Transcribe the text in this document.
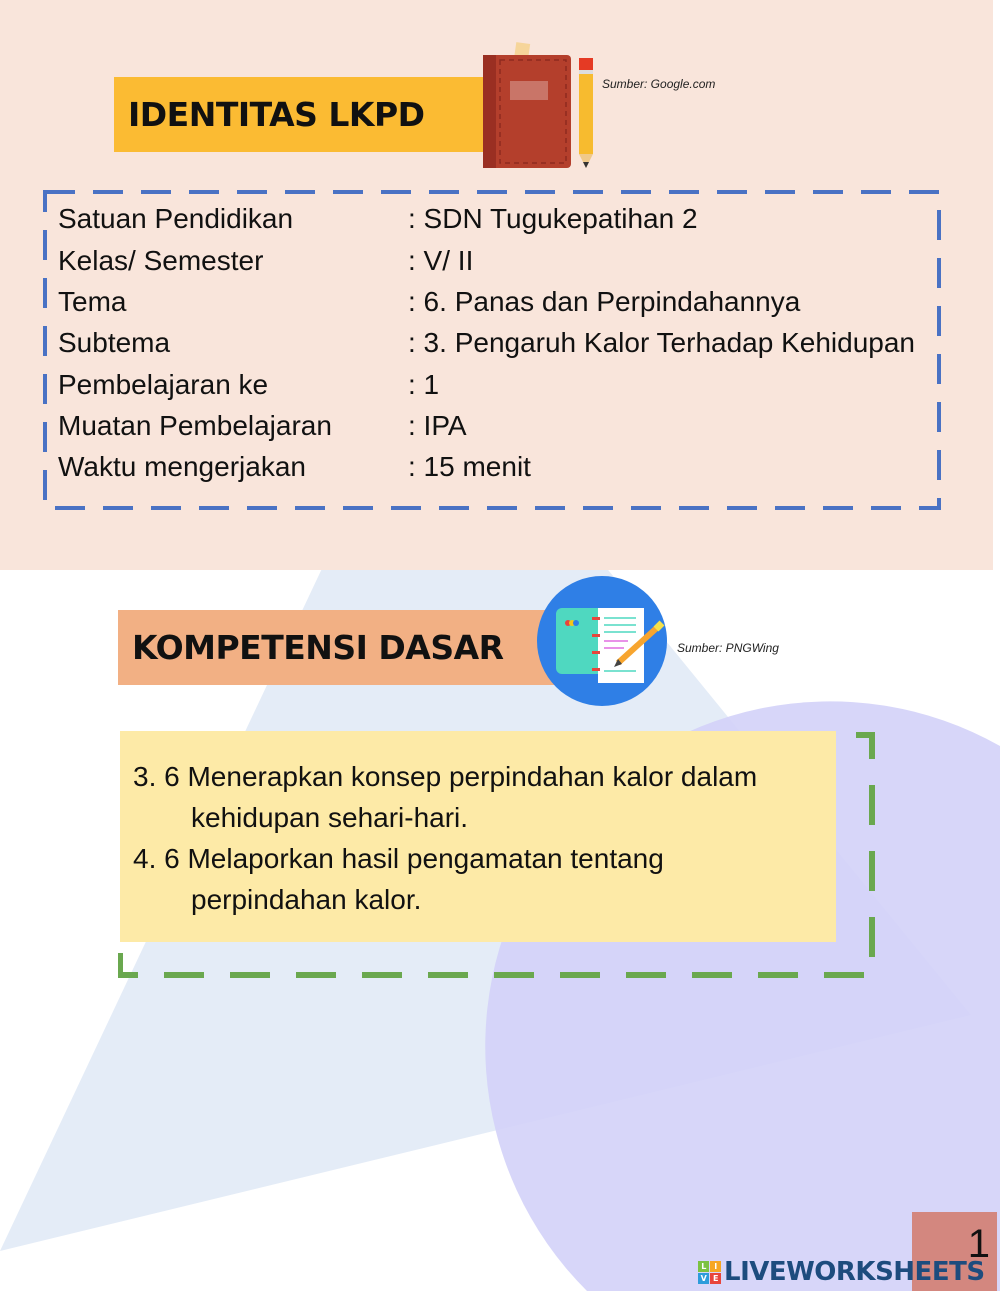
IDENTITAS LKPD
Sumber: Google.com
Satuan Pendidikan	: SDN Tugukepatihan 2
Kelas/ Semester	: V/ II
Tema	: 6. Panas dan Perpindahannya
Subtema	: 3. Pengaruh Kalor Terhadap Kehidupan
Pembelajaran ke	: 1
Muatan Pembelajaran	: IPA
Waktu mengerjakan	: 15 menit
KOMPETENSI DASAR	Sumber: PNGWing
3. 6 Menerapkan konsep perpindahan kalor dalam
kehidupan sehari-hari.
4. 6 Melaporkan hasil pengamatan tentang
perpindahan kalor.
L	I
V E LIVEWORKSHEETS
1
